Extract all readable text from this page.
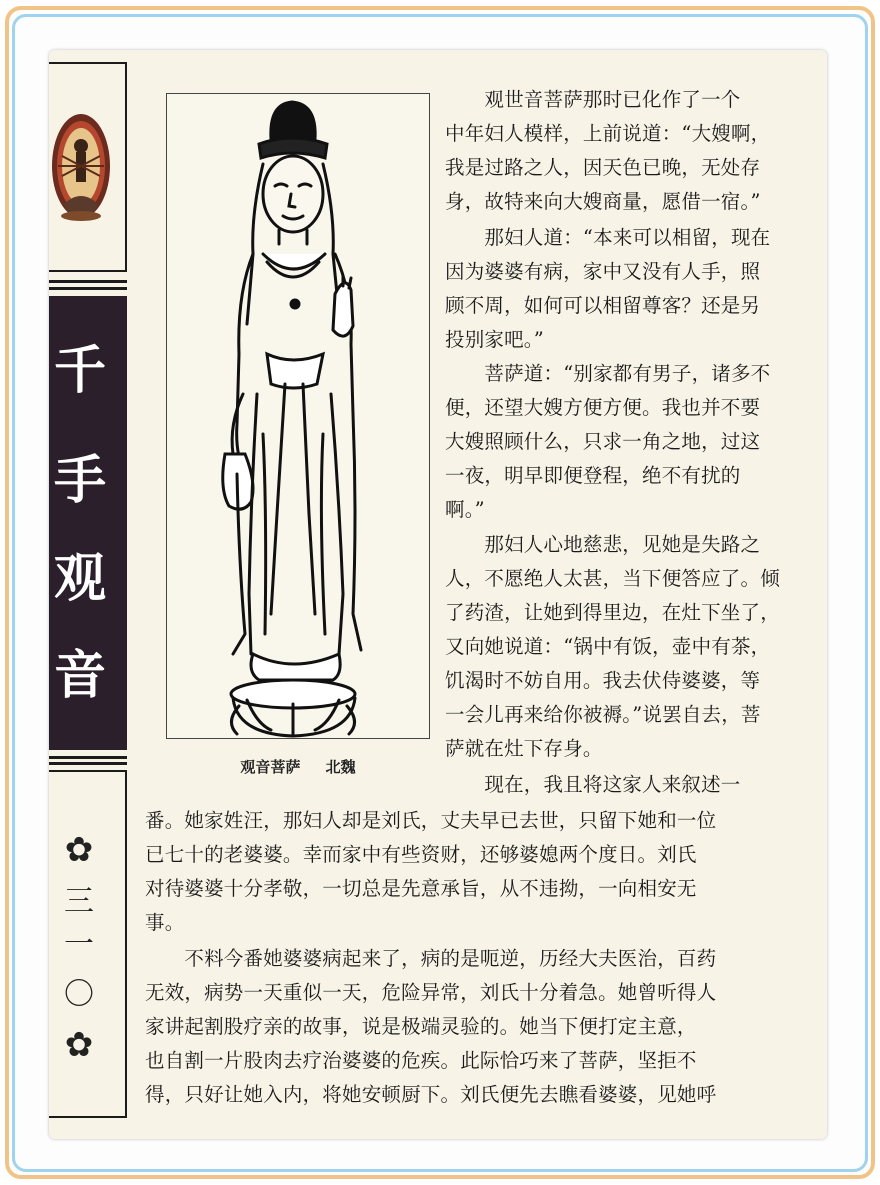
千
手
观
音
✿
三
一
〇
✿
观音菩萨 北魏
　　观世音菩萨那时已化作了一个
中年妇人模样，上前说道：“大嫂啊，
我是过路之人，因天色已晚，无处存
身，故特来向大嫂商量，愿借一宿。”
　　那妇人道：“本来可以相留，现在
因为婆婆有病，家中又没有人手，照
顾不周，如何可以相留尊客？还是另
投别家吧。”
　　菩萨道：“别家都有男子，诸多不
便，还望大嫂方便方便。我也并不要
大嫂照顾什么，只求一角之地，过这
一夜，明早即便登程，绝不有扰的
啊。”
　　那妇人心地慈悲，见她是失路之
人，不愿绝人太甚，当下便答应了。倾
了药渣，让她到得里边，在灶下坐了，
又向她说道：“锅中有饭，壶中有茶，
饥渴时不妨自用。我去伏侍婆婆，等
一会儿再来给你被褥。”说罢自去，菩
萨就在灶下存身。
　　现在，我且将这家人来叙述一
番。她家姓汪，那妇人却是刘氏，丈夫早已去世，只留下她和一位
已七十的老婆婆。幸而家中有些资财，还够婆媳两个度日。刘氏
对待婆婆十分孝敬，一切总是先意承旨，从不违拗，一向相安无
事。
　　不料今番她婆婆病起来了，病的是呃逆，历经大夫医治，百药
无效，病势一天重似一天，危险异常，刘氏十分着急。她曾听得人
家讲起割股疗亲的故事，说是极端灵验的。她当下便打定主意，
也自割一片股肉去疗治婆婆的危疾。此际恰巧来了菩萨，坚拒不
得，只好让她入内，将她安顿厨下。刘氏便先去瞧看婆婆，见她呼
